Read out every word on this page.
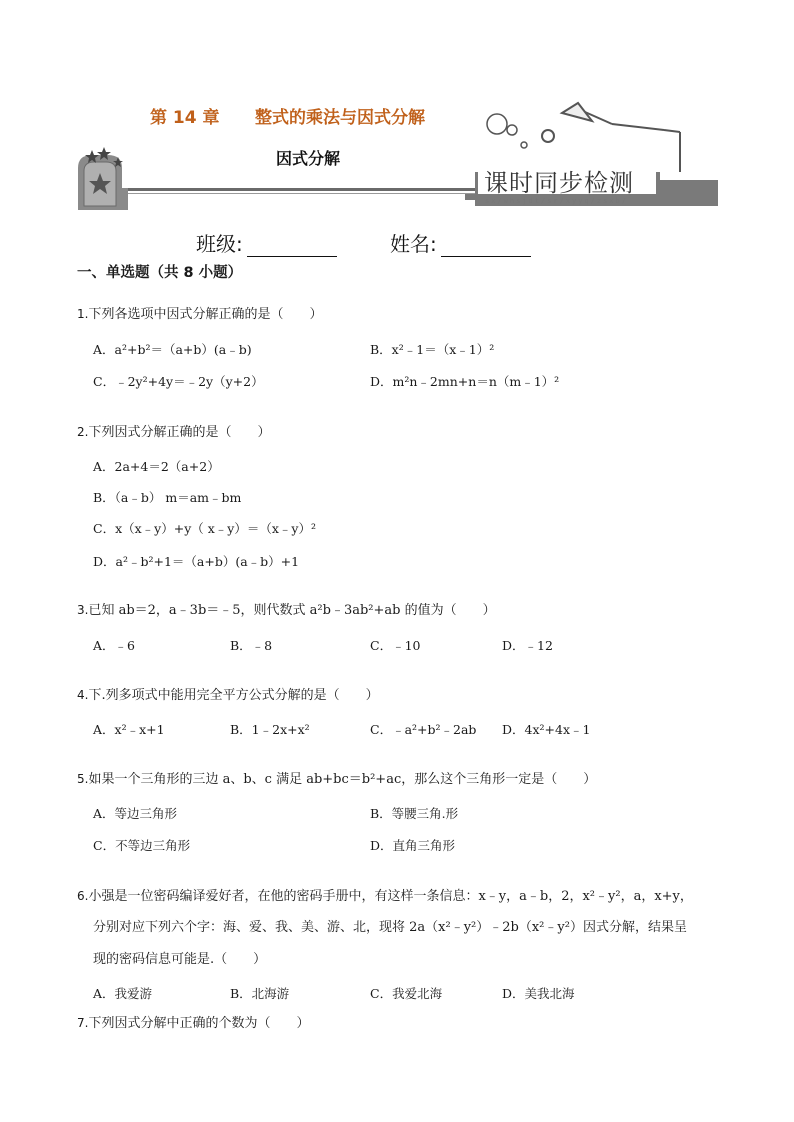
第 14 章      整式的乘法与因式分解
因式分解
课时同步检测
sx/whsjdt/sr/xyyq/zsxb/
班级:	姓名:
一、单选题（共 8 小题）
1.下列各选项中因式分解正确的是（　　）
A．a²+b²＝（a+b）(a﹣b)	B．x²﹣1＝（x﹣1）²
C．﹣2y²+4y＝﹣2y（y+2）	D．m²n﹣2mn+n＝n（m﹣1）²
2.下列因式分解正确的是（　　）
A．2a+4＝2（a+2）
B．（a﹣b） m＝am﹣bm
C．x（x﹣y）+y（ x﹣y）＝（x﹣y）²
D．a²﹣b²+1＝（a+b）(a﹣b）+1
3.已知 ab＝2，a﹣3b＝﹣5，则代数式 a²b﹣3ab²+ab 的值为（　　）
A．﹣6	B．﹣8	C．﹣10	D．﹣12
4.下.列多项式中能用完全平方公式分解的是（　　）
A．x²﹣x+1	B．1﹣2x+x²	C．﹣a²+b²﹣2ab D．4x²+4x﹣1
5.如果一个三角形的三边 a、b、c 满足 ab+bc＝b²+ac，那么这个三角形一定是（　　）
A．等边三角形	B．等腰三角.形
C．不等边三角形	D．直角三角形
6.小强是一位密码编译爱好者，在他的密码手册中，有这样一条信息：x﹣y，a﹣b，2，x²﹣y²，a，x+y，
分别对应下列六个字：海、爱、我、美、游、北，现将 2a（x²﹣y²）﹣2b（x²﹣y²）因式分解，结果呈
现的密码信息可能是.（　　）
A．我爱游	B．北海游	C．我爱北海	D．美我北海
7.下列因式分解中正确的个数为（　　）
